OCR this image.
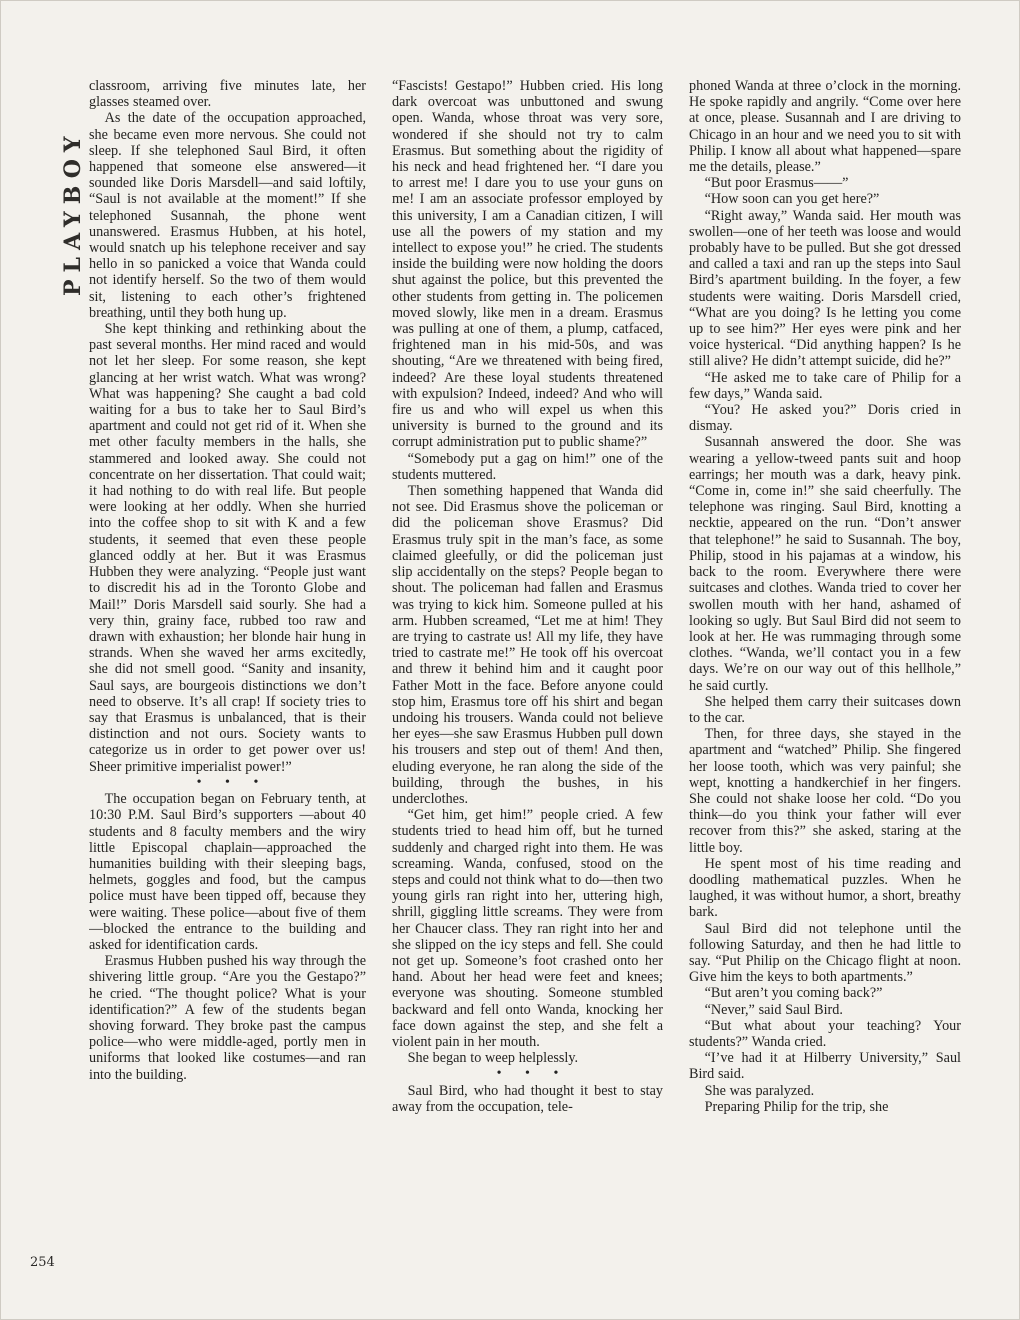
PLAYBOY
254

classroom, arriving five minutes late, her glasses steamed over.

As the date of the occupation approached, she became even more nervous. She could not sleep. If she telephoned Saul Bird, it often happened that someone else answered—it sounded like Doris Marsdell—and said loftily, “Saul is not available at the moment!” If she telephoned Susannah, the phone went unanswered. Erasmus Hubben, at his hotel, would snatch up his telephone receiver and say hello in so panicked a voice that Wanda could not identify herself. So the two of them would sit, listening to each other’s frightened breathing, until they both hung up.

She kept thinking and rethinking about the past several months. Her mind raced and would not let her sleep. For some reason, she kept glancing at her wrist watch. What was wrong? What was happening? She caught a bad cold waiting for a bus to take her to Saul Bird’s apartment and could not get rid of it. When she met other faculty members in the halls, she stammered and looked away. She could not concentrate on her dissertation. That could wait; it had nothing to do with real life. But people were looking at her oddly. When she hurried into the coffee shop to sit with K and a few students, it seemed that even these people glanced oddly at her. But it was Erasmus Hubben they were analyzing. “People just want to discredit his ad in the Toronto Globe and Mail!” Doris Marsdell said sourly. She had a very thin, grainy face, rubbed too raw and drawn with exhaustion; her blonde hair hung in strands. When she waved her arms excitedly, she did not smell good. “Sanity and insanity, Saul says, are bourgeois distinctions we don’t need to observe. It’s all crap! If society tries to say that Erasmus is unbalanced, that is their distinction and not ours. Society wants to categorize us in order to get power over us! Sheer primitive imperialist power!”

• • •

The occupation began on February tenth, at 10:30 P.M. Saul Bird’s supporters —about 40 students and 8 faculty members and the wiry little Episcopal chaplain—approached the humanities building with their sleeping bags, helmets, goggles and food, but the campus police must have been tipped off, because they were waiting. These police—about five of them—blocked the entrance to the building and asked for identification cards.

Erasmus Hubben pushed his way through the shivering little group. “Are you the Gestapo?” he cried. “The thought police? What is your identification?” A few of the students began shoving forward. They broke past the campus police—who were middle-aged, portly men in uniforms that looked like costumes—and ran into the building.

“Fascists! Gestapo!” Hubben cried. His long dark overcoat was unbuttoned and swung open. Wanda, whose throat was very sore, wondered if she should not try to calm Erasmus. But something about the rigidity of his neck and head frightened her. “I dare you to arrest me! I dare you to use your guns on me! I am an associate professor employed by this university, I am a Canadian citizen, I will use all the powers of my station and my intellect to expose you!” he cried. The students inside the building were now holding the doors shut against the police, but this prevented the other students from getting in. The policemen moved slowly, like men in a dream. Erasmus was pulling at one of them, a plump, catfaced, frightened man in his mid-50s, and was shouting, “Are we threatened with being fired, indeed? Are these loyal students threatened with expulsion? Indeed, indeed? And who will fire us and who will expel us when this university is burned to the ground and its corrupt administration put to public shame?”

“Somebody put a gag on him!” one of the students muttered.

Then something happened that Wanda did not see. Did Erasmus shove the policeman or did the policeman shove Erasmus? Did Erasmus truly spit in the man’s face, as some claimed gleefully, or did the policeman just slip accidentally on the steps? People began to shout. The policeman had fallen and Erasmus was trying to kick him. Someone pulled at his arm. Hubben screamed, “Let me at him! They are trying to castrate us! All my life, they have tried to castrate me!” He took off his overcoat and threw it behind him and it caught poor Father Mott in the face. Before anyone could stop him, Erasmus tore off his shirt and began undoing his trousers. Wanda could not believe her eyes—she saw Erasmus Hubben pull down his trousers and step out of them! And then, eluding everyone, he ran along the side of the building, through the bushes, in his underclothes.

“Get him, get him!” people cried. A few students tried to head him off, but he turned suddenly and charged right into them. He was screaming. Wanda, confused, stood on the steps and could not think what to do—then two young girls ran right into her, uttering high, shrill, giggling little screams. They were from her Chaucer class. They ran right into her and she slipped on the icy steps and fell. She could not get up. Someone’s foot crashed onto her hand. About her head were feet and knees; everyone was shouting. Someone stumbled backward and fell onto Wanda, knocking her face down against the step, and she felt a violent pain in her mouth.

She began to weep helplessly.

• • •

Saul Bird, who had thought it best to stay away from the occupation, tele-

phoned Wanda at three o’clock in the morning. He spoke rapidly and angrily. “Come over here at once, please. Susannah and I are driving to Chicago in an hour and we need you to sit with Philip. I know all about what happened—spare me the details, please.”

“But poor Erasmus——”

“How soon can you get here?”

“Right away,” Wanda said. Her mouth was swollen—one of her teeth was loose and would probably have to be pulled. But she got dressed and called a taxi and ran up the steps into Saul Bird’s apartment building. In the foyer, a few students were waiting. Doris Marsdell cried, “What are you doing? Is he letting you come up to see him?” Her eyes were pink and her voice hysterical. “Did anything happen? Is he still alive? He didn’t attempt suicide, did he?”

“He asked me to take care of Philip for a few days,” Wanda said.

“You? He asked you?” Doris cried in dismay.

Susannah answered the door. She was wearing a yellow-tweed pants suit and hoop earrings; her mouth was a dark, heavy pink. “Come in, come in!” she said cheerfully. The telephone was ringing. Saul Bird, knotting a necktie, appeared on the run. “Don’t answer that telephone!” he said to Susannah. The boy, Philip, stood in his pajamas at a window, his back to the room. Everywhere there were suitcases and clothes. Wanda tried to cover her swollen mouth with her hand, ashamed of looking so ugly. But Saul Bird did not seem to look at her. He was rummaging through some clothes. “Wanda, we’ll contact you in a few days. We’re on our way out of this hellhole,” he said curtly.

She helped them carry their suitcases down to the car.

Then, for three days, she stayed in the apartment and “watched” Philip. She fingered her loose tooth, which was very painful; she wept, knotting a handkerchief in her fingers. She could not shake loose her cold. “Do you think—do you think your father will ever recover from this?” she asked, staring at the little boy.

He spent most of his time reading and doodling mathematical puzzles. When he laughed, it was without humor, a short, breathy bark.

Saul Bird did not telephone until the following Saturday, and then he had little to say. “Put Philip on the Chicago flight at noon. Give him the keys to both apartments.”

“But aren’t you coming back?”

“Never,” said Saul Bird.

“But what about your teaching? Your students?” Wanda cried.

“I’ve had it at Hilberry University,” Saul Bird said.

She was paralyzed.

Preparing Philip for the trip, she
